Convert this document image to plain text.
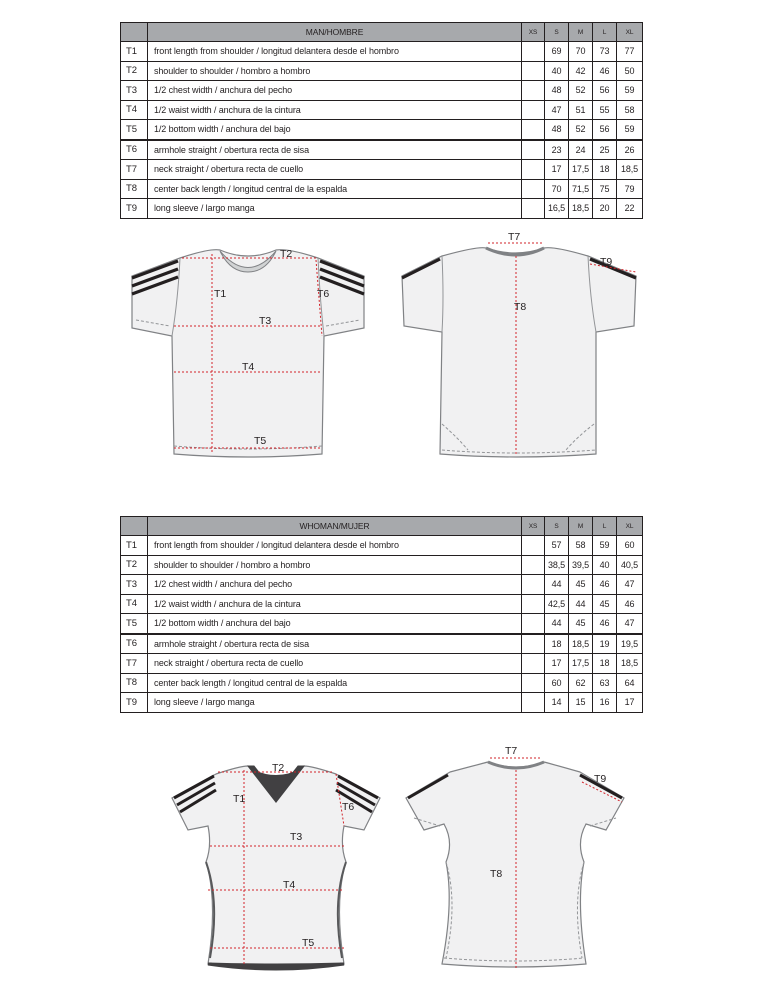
	MAN/HOMBRE	XS	S	M	L	XL
T1	front length from shoulder / longitud delantera desde el hombro		69	70	73	77
T2	shoulder to shoulder / hombro a hombro		40	42	46	50
T3	1/2 chest width / anchura del pecho		48	52	56	59
T4	1/2 waist width / anchura de la cintura		47	51	55	58
T5	1/2 bottom width / anchura del bajo		48	52	56	59
T6	armhole straight / obertura recta de sisa		23	24	25	26
T7	neck straight / obertura recta de cuello		17	17,5	18	18,5
T8	center back length / longitud central de la espalda		70	71,5	75	79
T9	long sleeve / largo manga		16,5	18,5	20	22
T2
T1	T6
T3
T4
T5
T7
T8
T9
	WHOMAN/MUJER	XS	S	M	L	XL
T1	front length from shoulder / longitud delantera desde el hombro		57	58	59	60
T2	shoulder to shoulder / hombro a hombro		38,5	39,5	40	40,5
T3	1/2 chest width / anchura del pecho		44	45	46	47
T4	1/2 waist width / anchura de la cintura		42,5	44	45	46
T5	1/2 bottom width / anchura del bajo		44	45	46	47
T6	armhole straight / obertura recta de sisa		18	18,5	19	19,5
T7	neck straight / obertura recta de cuello		17	17,5	18	18,5
T8	center back length / longitud central de la espalda		60	62	63	64
T9	long sleeve / largo manga		14	15	16	17
T2
T1
T6
T3
T4
T5
T7
T8
T9
